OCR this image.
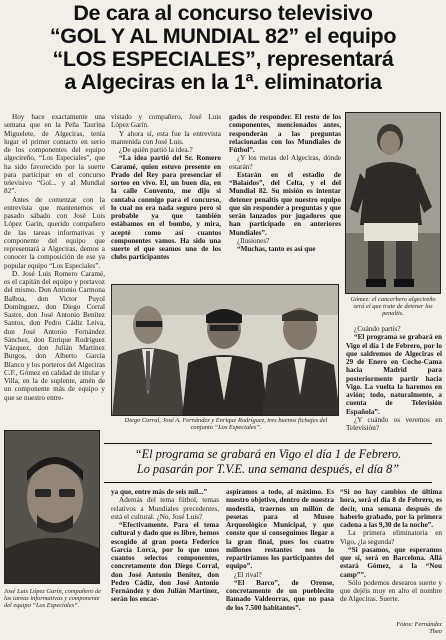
De cara al concurso televisivo
“GOL Y AL MUNDIAL 82” el equipo
“LOS ESPECIALES”, representará
a Algeciras en la 1ª. eliminatoria
Gómez: el cancerbero algecireño será el que trate de detener los penaltis.
Diego Corral, José A. Fernández y Enrique Rodríguez, tres buenos fichajes del conjunto “Los Especiales”.
José Luis López Garín, compañero de las tareas informativas y componente del equipo “Los Especiales”.

Hoy hace exactamente una semana que en la Peña Taurina Miguelete, de Algeciras, tenía lugar el primer contacto en serio de los componentes del equipo algecireño, “Los Especiales”, que ha sido favorecido por la suerte para participar en el concurso televisivo “Gol... y al Mundial 82”.

Antes de comenzar con la entrevista que mantenemos el pasado sábado con José Luis López Garín, querido compañero de las tareas informativas y componente del equipo que representará a Algeciras, demos a conocer la composición de ese ya popular equipo “Los Especiales”.

D. José Luis Romero Caramé, es el capitán del equipo y portavoz del mismo. Don Antonio Carmona Balboa, don Victor Puyol Domínguez, don Diego Corral Sastre, don José Antonio Benítez Santos, don Pedro Cádiz Leiva, don José Antonio Fernández Sánchez, don Enrique Rodríguez Vázquez, don Julián Martínez Burgos, don Alberto García Blanco y los porteros del Algeciras C.F., Gómez en calidad de titular y Villa, en la de suplente, amén de un componente más de equipo y que se nuestro entre-

vistado y compañero, José Luis López Garín.

Y ahora sí, esta fue la entrevista mantenida con José Luis.

¿De quién partió la idea.?

“La idea partió del Sr. Romero Caramé, quien estuvo presente en Prado del Rey para presenciar el sorteo en vivo. El, un buen día, en la calle Convento, me dijo si contaba conmigo para el concurso, lo cual no era nada seguro pero si probable ya que también estábamos en el bombo, y mira, acepté como así cuantos componentes vamos. Ha sido una suerte el que seamos uno de los clubs participantes

gados de responder. El resto de los componentes, mencionados antes, responderán a las preguntas relacionadas con los Mundiales de Fútbol”.

¿Y los metas del Algeciras, dónde estarán?

Estarán en el estadio de “Balaídos”, del Celta, y el del Mundial 82. Su misión es intentar detener penaltis que nuestro equipo que sin responder a preguntas y que serán lanzados por jugadores que han participado en anteriores Mundiales”.

¿Ilusiones?

“Muchas, tanto es así que

¿Cuándo partís?

“El programa se grabará en Vigo el día 1 de Febrero, por lo que saldremos de Algeciras el 29 de Enero en Coche-Cama hacia Madrid para posteriormente partir hacia Vigo. La vuelta la haremos en avión; todo, naturalmente, a cuenta de Televisión Española”.

¿Y cuándo os veremos en Televisión?

“El programa se grabará en Vigo el día 1 de Febrero.
Lo pasarán por T.V.E. una semana después, el día 8”

ya que, entre más de seis mil...”

Además del tema fútbol, temas relativos a Mundiales precedentes, está el cultural. ¿No, José Luis?

“Efectivamente. Para el tema cultural y dado que es libre, hemos escogido al gran poeta Federico García Lorca, por lo que unos cuantos selectos componentes, concretamente don Diego Corral, don José Antonio Benítez, don Pedro Cádiz, don José Antonio Fernández y don Julián Martínez, serán los encar-

aspiramos a todo, al máximo. Es nuestro objetivo, dentro de nuestra modestia, traernos un millón de pesetas para el Museo Arqueológico Municipal, y que conste que si conseguimos llegar a la gran final, pues los cuatro millones restantes nos lo repartiríamos los participantes del equipo”.

¿El rival?

“El Barco”, de Orense, concretamente de un pueblecito llamado Valdeorras, que no pasa de los 7.500 habitantes”.

“Si no hay cambios de última hora, será el día 8 de Febrero, es decir, una semana después de haberlo grabado, por la primera cadena a las 9,30 de la noche”.

La primera eliminatoria en Vigo, ¿la segunda?

“Si pasamos, que esperamos que sí, será en Barcelona. Allá estará Gómez, a la “Nou camp””.

Sólo podemos desearos suerte y que dejéis muy en alto el nombre de Algeciras. Suerte.

Fotos: Fernández
Theo
